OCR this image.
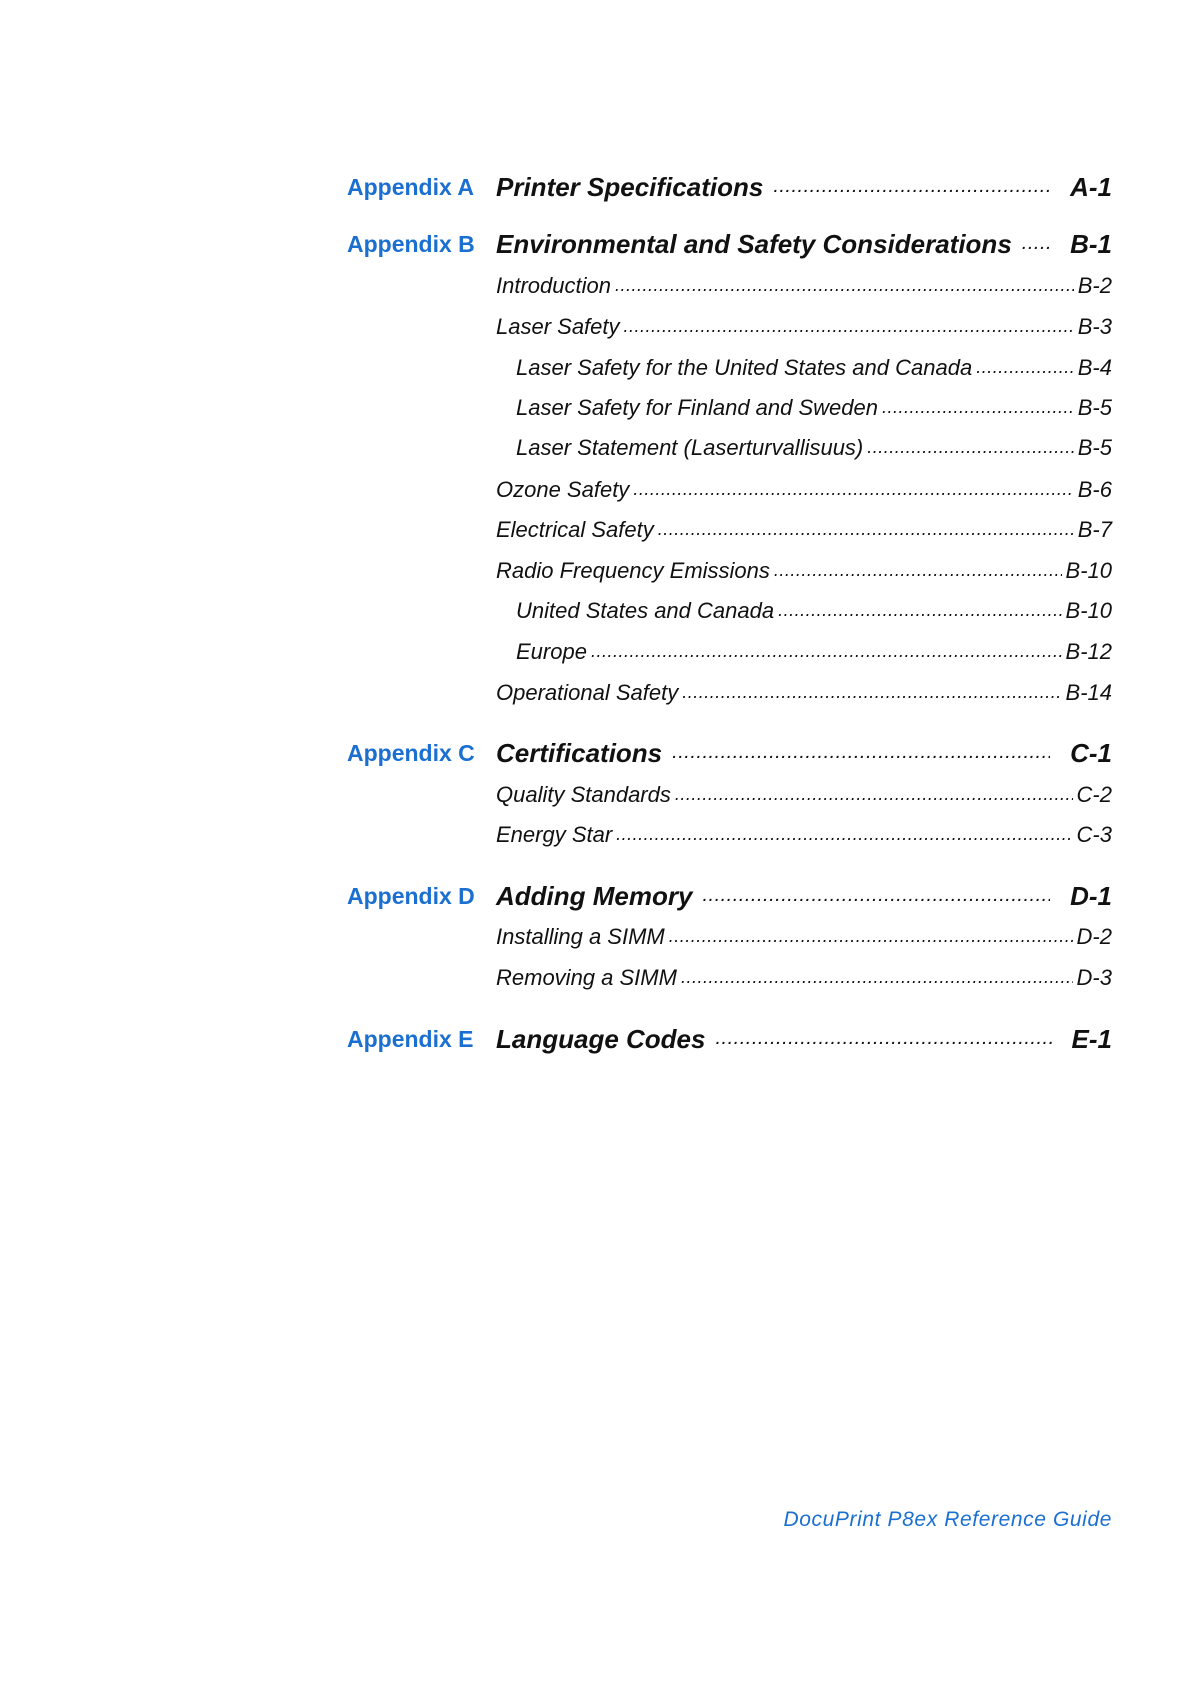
Appendix A Printer Specifications .....	A-1
Appendix B Environmental and Safety Considerations ..... B-1
Introduction .....	B-2
Laser Safety .....	B-3
Laser Safety for the United States and Canada .....	B-4
Laser Safety for Finland and Sweden .....	B-5
Laser Statement (Laserturvallisuus) .....	B-5
Ozone Safety .....	B-6
Electrical Safety .....	B-7
Radio Frequency Emissions .....	B-10
United States and Canada .....	B-10
Europe .....	B-12
Operational Safety .....	B-14
Appendix C Certifications .....	C-1
Quality Standards .....	C-2
Energy Star .....	C-3
Appendix D Adding Memory .....	D-1
Installing a SIMM .....	D-2
Removing a SIMM .....	D-3
Appendix E Language Codes .....	E-1
DocuPrint P8ex Reference Guide
